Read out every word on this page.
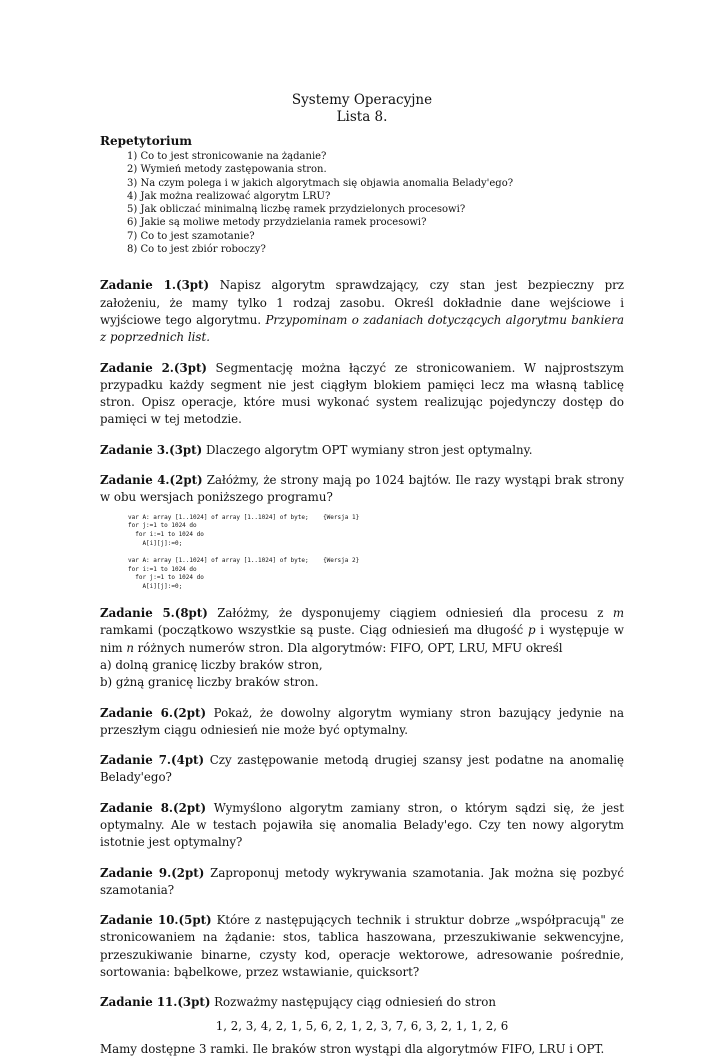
Systemy Operacyjne
Lista 8.
Repetytorium
1) Co to jest stronicowanie na żądanie?
2) Wymień metody zastępowania stron.
3) Na czym polega i w jakich algorytmach się objawia anomalia Belady'ego?
4) Jak można realizować algorytm LRU?
5) Jak obliczać minimalną liczbę ramek przydzielonych procesowi?
6) Jakie są moliwe metody przydzielania ramek procesowi?
7) Co to jest szamotanie?
8) Co to jest zbiór roboczy?

Zadanie 1.(3pt) Napisz algorytm sprawdzający, czy stan jest bezpieczny prz założeniu, że mamy tylko 1 rodzaj zasobu. Określ dokładnie dane wejściowe i wyjściowe tego algorytmu. Przypominam o zadaniach dotyczących algorytmu bankiera z poprzednich list.

Zadanie 2.(3pt) Segmentację można łączyć ze stronicowaniem. W najprostszym przypadku każdy segment nie jest ciągłym blokiem pamięci lecz ma własną tablicę stron. Opisz operacje, które musi wykonać system realizując pojedynczy dostęp do pamięci w tej metodzie.

Zadanie 3.(3pt) Dlaczego algorytm OPT wymiany stron jest optymalny.

Zadanie 4.(2pt) Załóżmy, że strony mają po 1024 bajtów. Ile razy wystąpi brak strony w obu wersjach poniższego programu?

var A: array [1..1024] of array [1..1024] of byte;    {Wersja 1}
for j:=1 to 1024 do
for i:=1 to 1024 do
A[i][j]:=0;
var A: array [1..1024] of array [1..1024] of byte;    {Wersja 2}
for i:=1 to 1024 do
for j:=1 to 1024 do
A[i][j]:=0;

Zadanie 5.(8pt) Załóżmy, że dysponujemy ciągiem odniesień dla procesu z m ramkami (początkowo wszystkie są puste. Ciąg odniesień ma długość p i występuje w nim n różnych numerów stron. Dla algorytmów: FIFO, OPT, LRU, MFU określ

a) dolną granicę liczby braków stron,

b) gżną granicę liczby braków stron.

Zadanie 6.(2pt) Pokaż, że dowolny algorytm wymiany stron bazujący jedynie na przeszłym ciągu odniesień nie może być optymalny.

Zadanie 7.(4pt) Czy zastępowanie metodą drugiej szansy jest podatne na anomalię Belady'ego?

Zadanie 8.(2pt) Wymyślono algorytm zamiany stron, o którym sądzi się, że jest optymalny. Ale w testach pojawiła się anomalia Belady'ego. Czy ten nowy algorytm istotnie jest optymalny?

Zadanie 9.(2pt) Zaproponuj metody wykrywania szamotania. Jak można się pozbyć szamotania?

Zadanie 10.(5pt) Które z następujących technik i struktur dobrze „współpracują" ze stronicowaniem na żądanie: stos, tablica haszowana, przeszukiwanie sekwencyjne, przeszukiwanie binarne, czysty kod, operacje wektorowe, adresowanie pośrednie, sortowania: bąbelkowe, przez wstawianie, quicksort?

Zadanie 11.(3pt) Rozważmy następujący ciąg odniesień do stron

1, 2, 3, 4, 2, 1, 5, 6, 2, 1, 2, 3, 7, 6, 3, 2, 1, 1, 2, 6

Mamy dostępne 3 ramki. Ile braków stron wystąpi dla algorytmów FIFO, LRU i OPT.
